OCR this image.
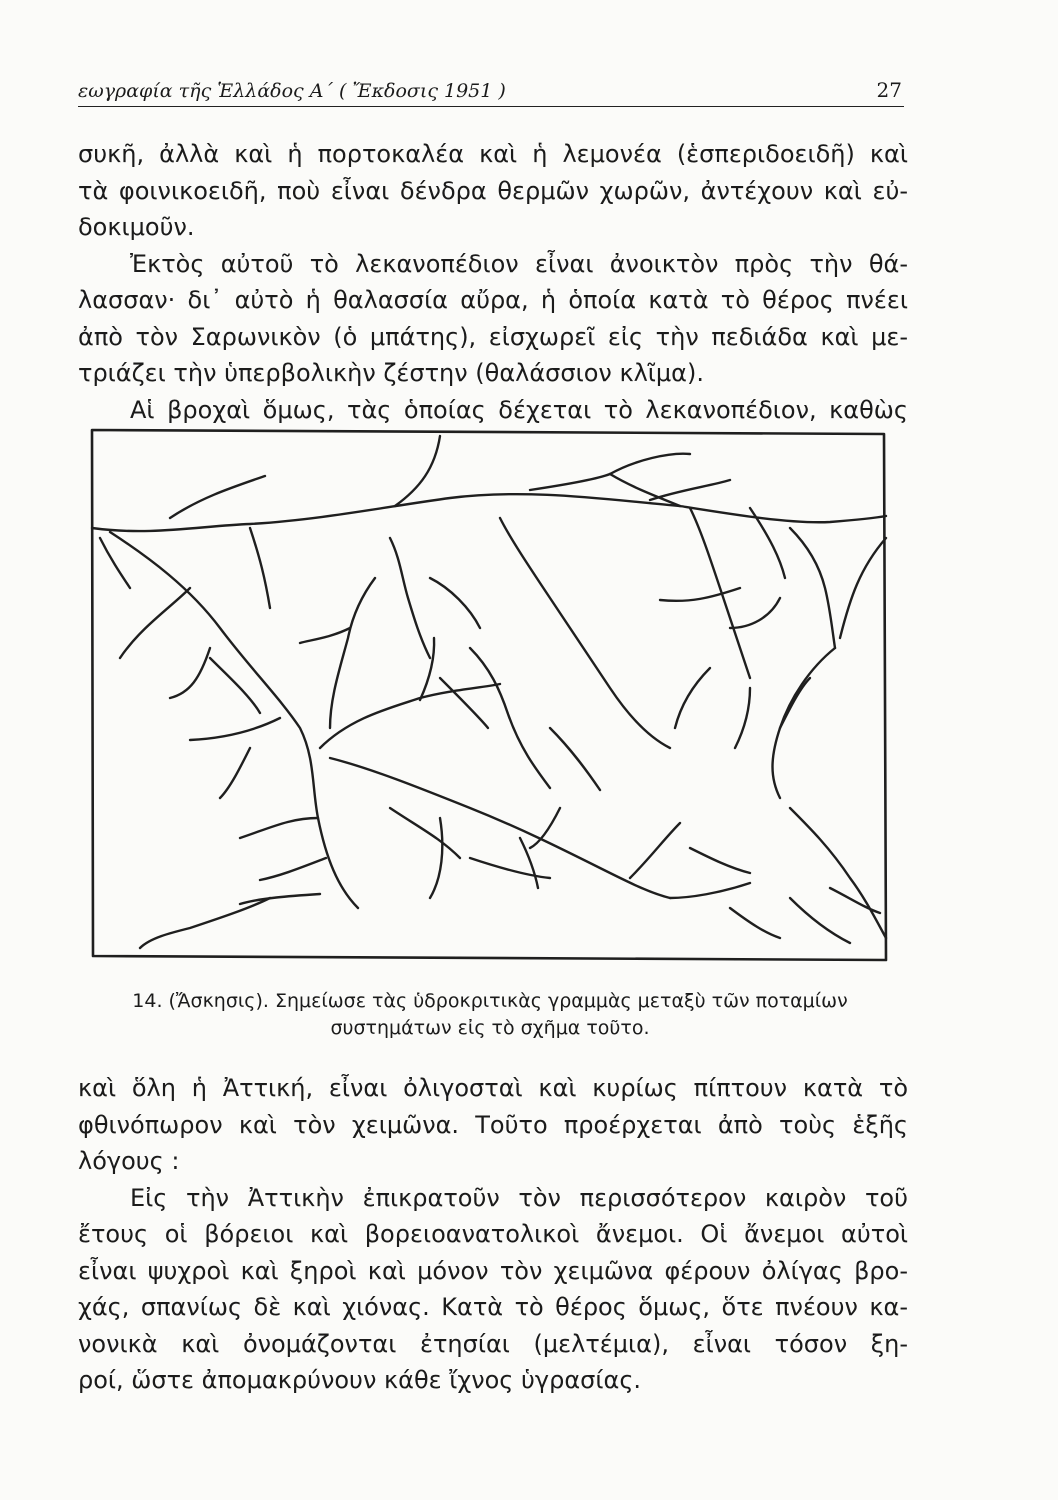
εωγραφία τῆς Ἑλλάδος Α΄ ( Ἔκδοσις 1951 )	27
συκῆ, ἀλλὰ καὶ ἡ πορτοκαλέα καὶ ἡ λεμονέα (ἑσπεριδοειδῆ) καὶ
τὰ φοινικοειδῆ, ποὺ εἶναι δένδρα θερμῶν χωρῶν, ἀντέχουν καὶ εὐ-
δοκιμοῦν.
Ἐκτὸς αὐτοῦ τὸ λεκανοπέδιον εἶναι ἀνοικτὸν πρὸς τὴν θά-
λασσαν· δι᾽ αὐτὸ ἡ θαλασσία αὔρα, ἡ ὁποία κατὰ τὸ θέρος πνέει
ἀπὸ τὸν Σαρωνικὸν (ὁ μπάτης), εἰσχωρεῖ εἰς τὴν πεδιάδα καὶ με-
τριάζει τὴν ὑπερβολικὴν ζέστην (θαλάσσιον κλῖμα).
Αἱ βροχαὶ ὅμως, τὰς ὁποίας δέχεται τὸ λεκανοπέδιον, καθὼς
14. (Ἄσκησις). Σημείωσε τὰς ὑδροκριτικὰς γραμμὰς μεταξὺ τῶν ποταμίων
συστημάτων εἰς τὸ σχῆμα τοῦτο.
καὶ ὅλη ἡ Ἀττική, εἶναι ὀλιγοσταὶ καὶ κυρίως πίπτουν κατὰ τὸ
φθινόπωρον καὶ τὸν χειμῶνα. Τοῦτο προέρχεται ἀπὸ τοὺς ἑξῆς
λόγους :
Εἰς τὴν Ἀττικὴν ἐπικρατοῦν τὸν περισσότερον καιρὸν τοῦ
ἔτους οἱ βόρειοι καὶ βορειοανατολικοὶ ἄνεμοι. Οἱ ἄνεμοι αὐτοὶ
εἶναι ψυχροὶ καὶ ξηροὶ καὶ μόνον τὸν χειμῶνα φέρουν ὀλίγας βρο-
χάς, σπανίως δὲ καὶ χιόνας. Κατὰ τὸ θέρος ὅμως, ὅτε πνέουν κα-
νονικὰ καὶ ὀνομάζονται ἐτησίαι (μελτέμια), εἶναι τόσον ξη-
ροί, ὥστε ἀπομακρύνουν κάθε ἴχνος ὑγρασίας.
